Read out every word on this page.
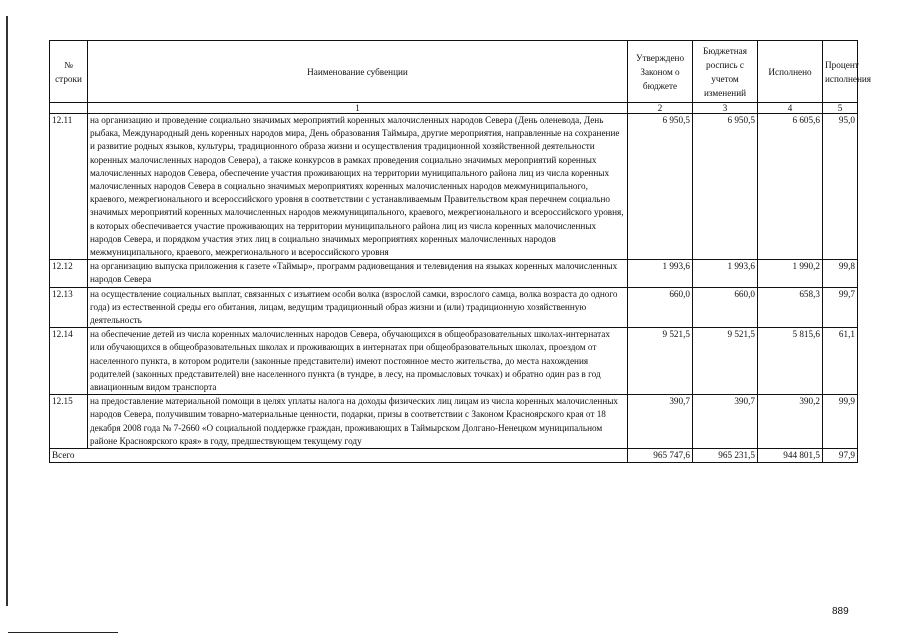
№ строки	Наименование субвенции	Утверждено Законом о бюджете	Бюджетная роспись с учетом изменений	Исполнено	Процент исполнения
	1	2	3	4	5
12.11	на организацию и проведение социально значимых мероприятий коренных малочисленных народов Севера (День оленевода, День рыбака, Международный день коренных народов мира, День образования Таймыра, другие мероприятия, направленные на сохранение и развитие родных языков, культуры, традиционного образа жизни и осуществления традиционной хозяйственной деятельности коренных малочисленных народов Севера), а также конкурсов в рамках проведения социально значимых мероприятий коренных малочисленных народов Севера, обеспечение участия проживающих на территории муниципального района лиц из числа коренных малочисленных народов Севера в социально значимых мероприятиях коренных малочисленных народов межмуниципального, краевого, межрегионального и всероссийского уровня в соответствии с устанавливаемым Правительством края перечнем социально значимых мероприятий коренных малочисленных народов межмуниципального, краевого, межрегионального и всероссийского уровня, в которых обеспечивается участие проживающих на территории муниципального района лиц из числа коренных малочисленных народов Севера, и порядком участия этих лиц в социально значимых мероприятиях коренных малочисленных народов межмуниципального, краевого, межрегионального и всероссийского уровня	6 950,5	6 950,5	6 605,6	95,0
12.12	на организацию выпуска приложения к газете «Таймыр», программ радиовещания и телевидения на языках коренных малочисленных народов Севера	1 993,6	1 993,6	1 990,2	99,8
12.13	на осуществление социальных выплат, связанных с изъятием особи волка (взрослой самки, взрослого самца, волка возраста до одного года) из естественной среды его обитания, лицам, ведущим традиционный образ жизни и (или) традиционную хозяйственную деятельность	660,0	660,0	658,3	99,7
12.14	на обеспечение детей из числа коренных малочисленных народов Севера, обучающихся в общеобразовательных школах-интернатах или обучающихся в общеобразовательных школах и проживающих в интернатах при общеобразовательных школах, проездом от населенного пункта, в котором родители (законные представители) имеют постоянное место жительства, до места нахождения родителей (законных представителей) вне населенного пункта (в тундре, в лесу, на промысловых точках) и обратно один раз в год авиационным видом транспорта	9 521,5	9 521,5	5 815,6	61,1
12.15	на предоставление материальной помощи в целях уплаты налога на доходы физических лиц лицам из числа коренных малочисленных народов Севера, получившим товарно-материальные ценности, подарки, призы в соответствии с Законом Красноярского края от 18 декабря 2008 года № 7-2660 «О социальной поддержке граждан, проживающих в Таймырском Долгано-Ненецком муниципальном районе Красноярского края» в году, предшествующем текущему году	390,7	390,7	390,2	99,9
Всего		965 747,6	965 231,5	944 801,5	97,9
889
